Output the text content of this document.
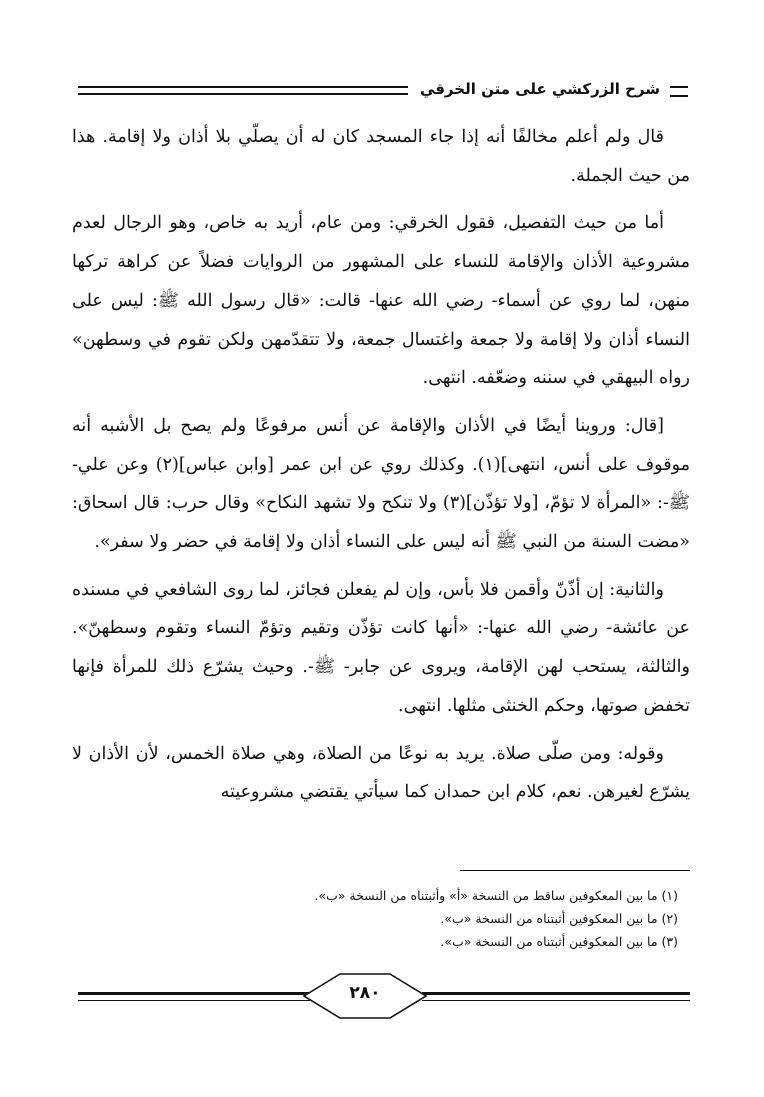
شرح الزركشي على متن الخرقي

قال ولم أعلم مخالفًا أنه إذا جاء المسجد كان له أن يصلّي بلا أذان ولا إقامة. هذا من حيث الجملة.

أما من حيث التفصيل، فقول الخرقي: ومن عام، أريد به خاص، وهو الرجال لعدم مشروعية الأذان والإقامة للنساء على المشهور من الروايات فضلاً عن كراهة تركها منهن، لما روي عن أسماء- رضي الله عنها- قالت: «قال رسول الله ﷺ: ليس على النساء أذان ولا إقامة ولا جمعة واغتسال جمعة، ولا تتقدّمهن ولكن تقوم في وسطهن» رواه البيهقي في سننه وضعّفه. انتهى.

[قال: وروينا أيضًا في الأذان والإقامة عن أنس مرفوعًا ولم يصح بل الأشبه أنه موقوف على أنس، انتهى](١). وكذلك روي عن ابن عمر [وابن عباس](٢) وعن علي- ﷺ-: «المرأة لا تؤمّ، [ولا تؤذّن](٣) ولا تنكح ولا تشهد النكاح» وقال حرب: قال اسحاق: «مضت السنة من النبي ﷺ أنه ليس على النساء أذان ولا إقامة في حضر ولا سفر».

والثانية: إن أذّنّ وأقمن فلا بأس، وإن لم يفعلن فجائز، لما روى الشافعي في مسنده عن عائشة- رضي الله عنها-: «أنها كانت تؤذّن وتقيم وتؤمّ النساء وتقوم وسطهنّ». والثالثة، يستحب لهن الإقامة، ويروى عن جابر- ﷺ-. وحيث يشرّع ذلك للمرأة فإنها تخفض صوتها، وحكم الخنثى مثلها. انتهى.

وقوله: ومن صلّى صلاة. يريد به نوعًا من الصلاة، وهي صلاة الخمس، لأن الأذان لا يشرّع لغيرهن. نعم، كلام ابن حمدان كما سيأتي يقتضي مشروعيته

(١) ما بين المعكوفين ساقط من النسخة «أ» وأثبتناه من النسخة «ب».
(٢) ما بين المعكوفين أثبتناه من النسخة «ب».
(٣) ما بين المعكوفين أثبتناه من النسخة «ب».
٢٨٠
